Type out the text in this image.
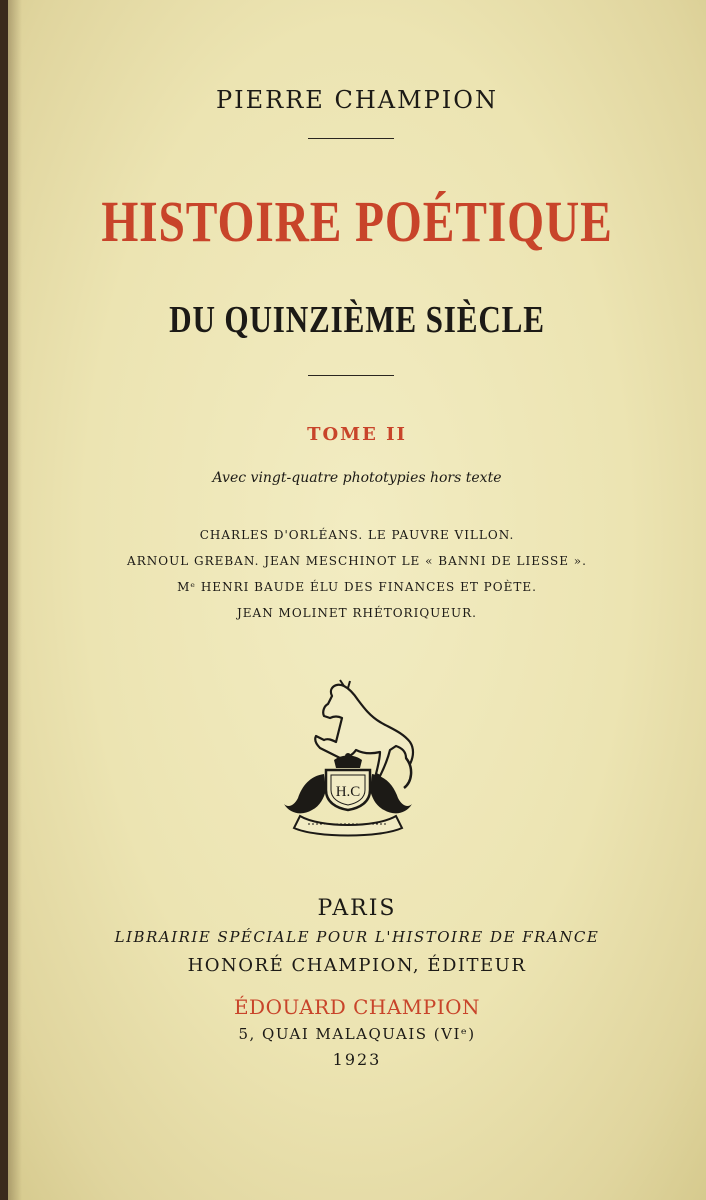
PIERRE CHAMPION
HISTOIRE POÉTIQUE
DU QUINZIÈME SIÈCLE
TOME II
Avec vingt-quatre phototypies hors texte
CHARLES D'ORLÉANS. LE PAUVRE VILLON.
ARNOUL GREBAN. JEAN MESCHINOT LE « BANNI DE LIESSE ».
Mᵉ HENRI BAUDE ÉLU DES FINANCES ET POÈTE.
JEAN MOLINET RHÉTORIQUEUR.
H.C
PARIS
LIBRAIRIE SPÉCIALE POUR L'HISTOIRE DE FRANCE
HONORÉ CHAMPION, ÉDITEUR
ÉDOUARD CHAMPION
5, QUAI MALAQUAIS (VIᵉ)
1923
